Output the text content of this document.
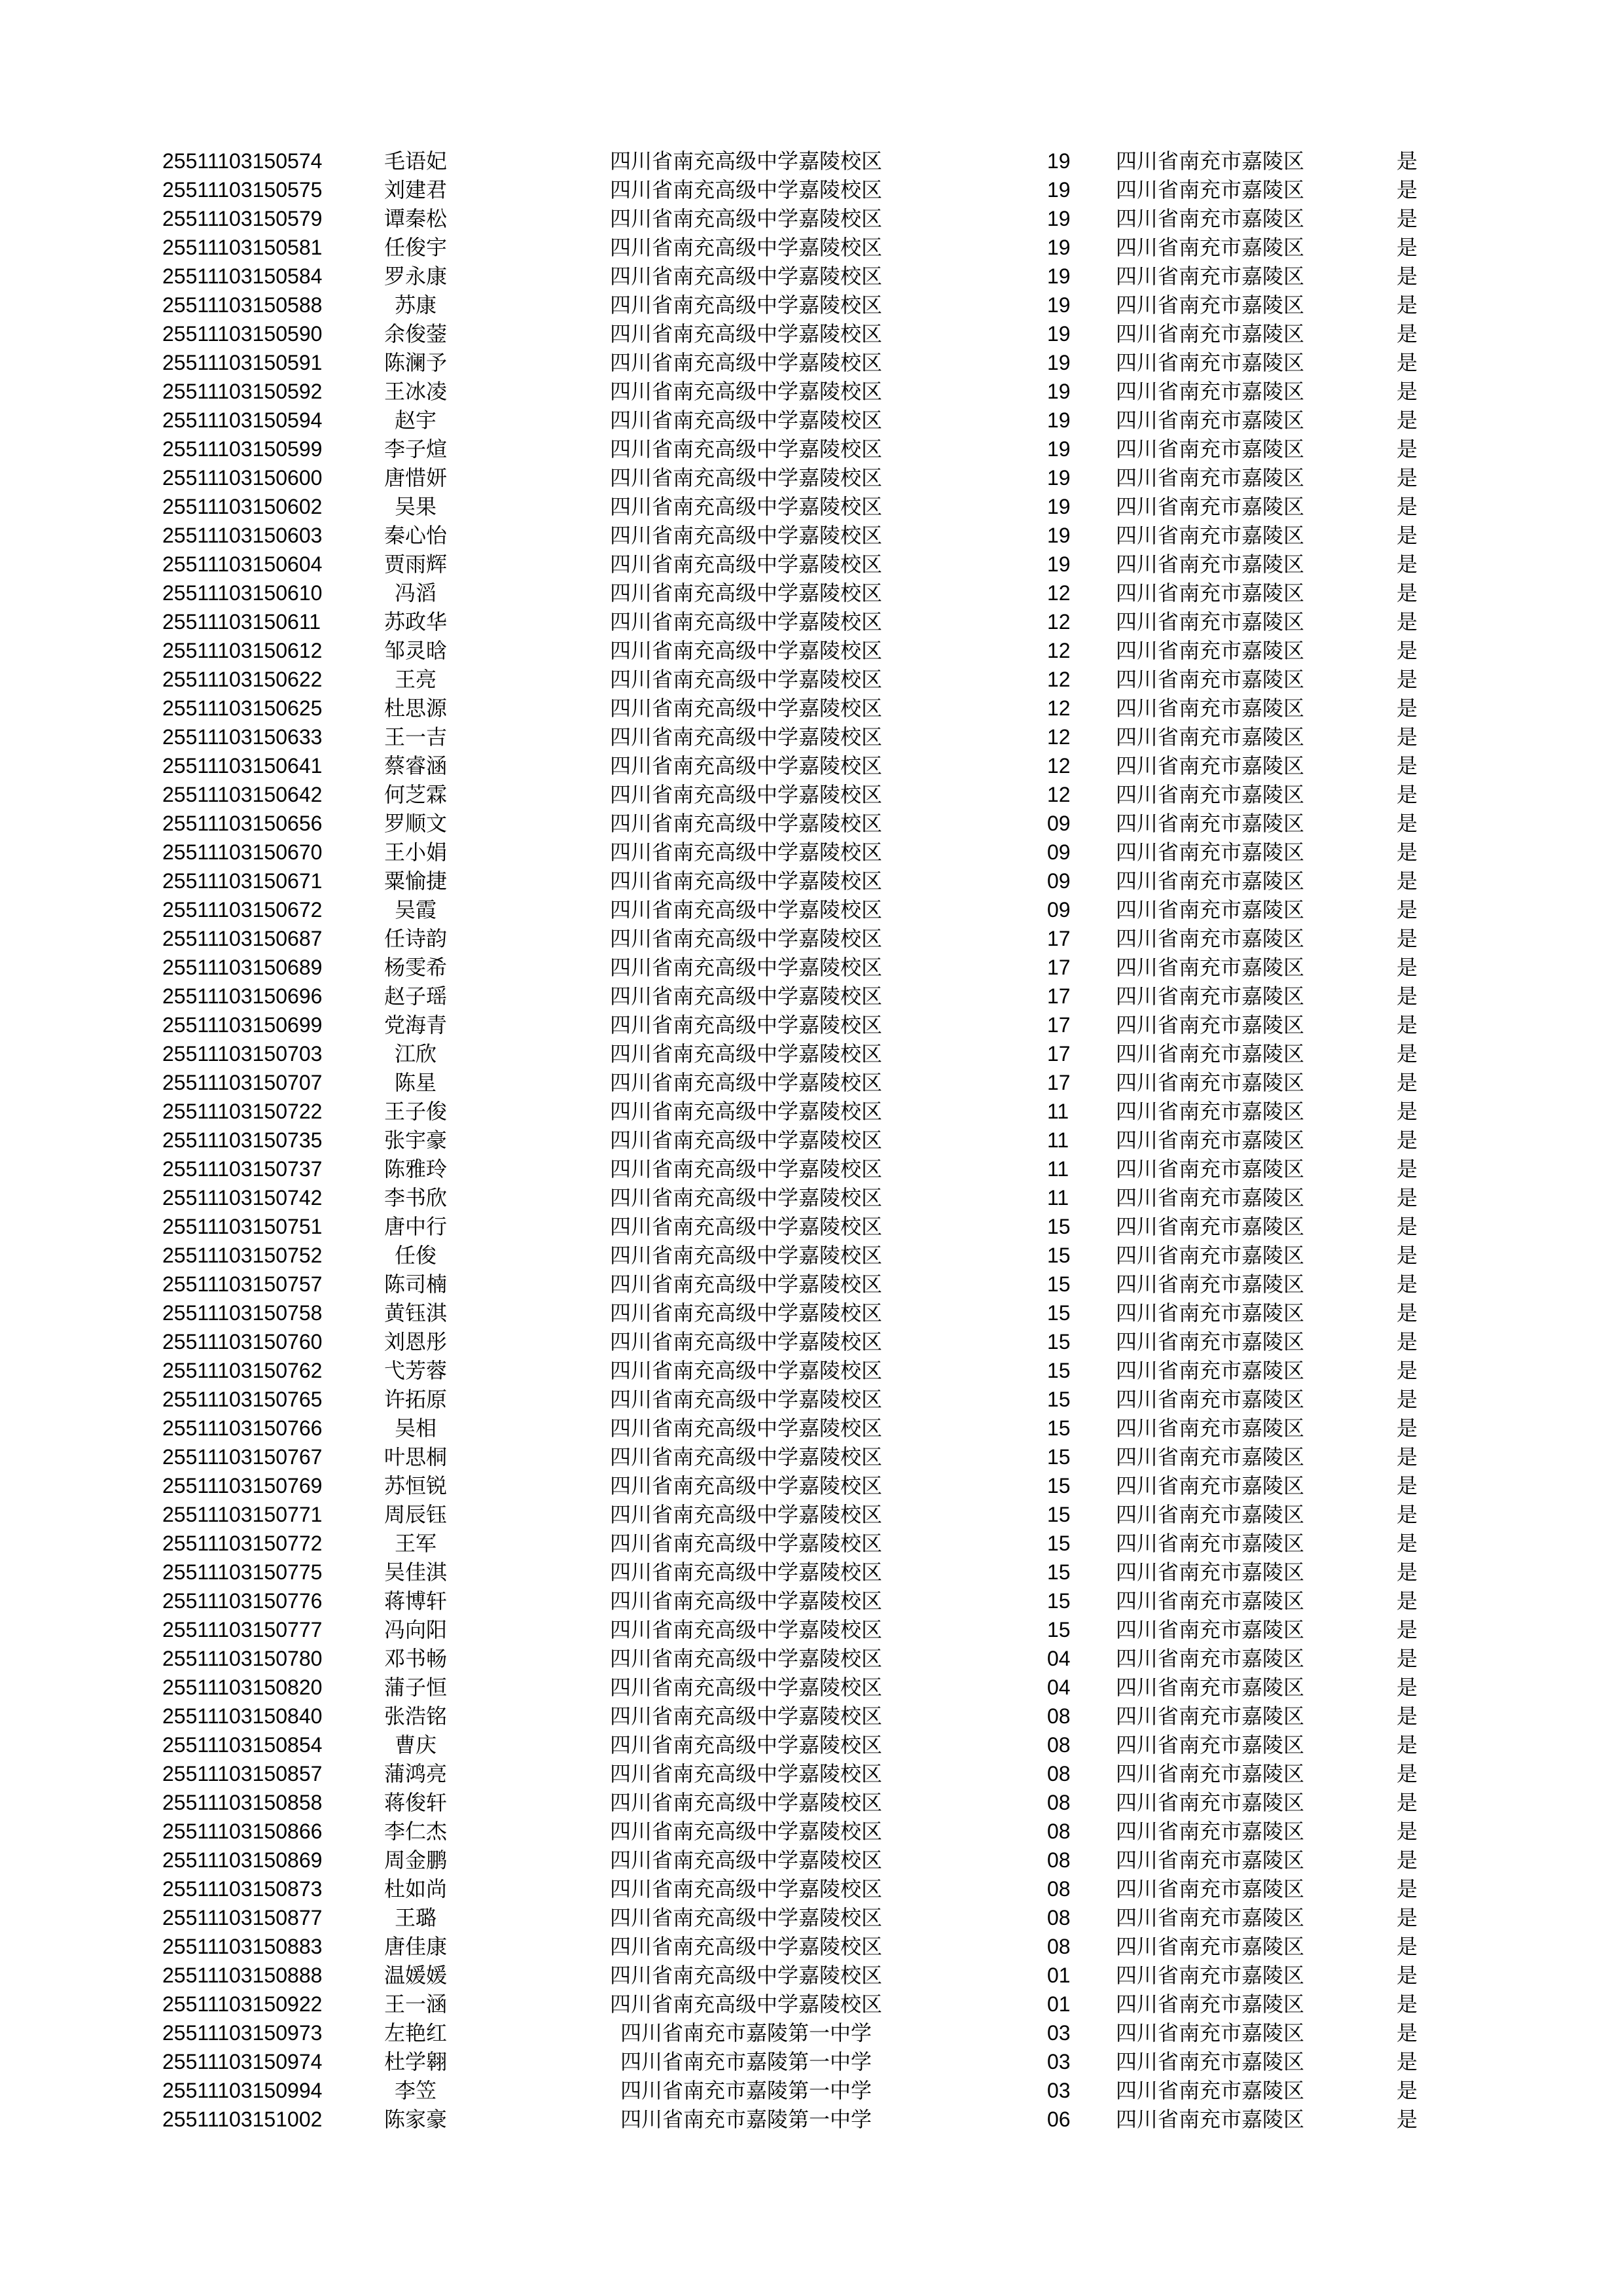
25511103150574	毛语妃	四川省南充高级中学嘉陵校区	19	四川省南充市嘉陵区	是
25511103150575	刘建君	四川省南充高级中学嘉陵校区	19	四川省南充市嘉陵区	是
25511103150579	谭秦松	四川省南充高级中学嘉陵校区	19	四川省南充市嘉陵区	是
25511103150581	任俊宇	四川省南充高级中学嘉陵校区	19	四川省南充市嘉陵区	是
25511103150584	罗永康	四川省南充高级中学嘉陵校区	19	四川省南充市嘉陵区	是
25511103150588	苏康	四川省南充高级中学嘉陵校区	19	四川省南充市嘉陵区	是
25511103150590	余俊蓥	四川省南充高级中学嘉陵校区	19	四川省南充市嘉陵区	是
25511103150591	陈澜予	四川省南充高级中学嘉陵校区	19	四川省南充市嘉陵区	是
25511103150592	王冰凌	四川省南充高级中学嘉陵校区	19	四川省南充市嘉陵区	是
25511103150594	赵宇	四川省南充高级中学嘉陵校区	19	四川省南充市嘉陵区	是
25511103150599	李子煊	四川省南充高级中学嘉陵校区	19	四川省南充市嘉陵区	是
25511103150600	唐惜妍	四川省南充高级中学嘉陵校区	19	四川省南充市嘉陵区	是
25511103150602	吴果	四川省南充高级中学嘉陵校区	19	四川省南充市嘉陵区	是
25511103150603	秦心怡	四川省南充高级中学嘉陵校区	19	四川省南充市嘉陵区	是
25511103150604	贾雨辉	四川省南充高级中学嘉陵校区	19	四川省南充市嘉陵区	是
25511103150610	冯滔	四川省南充高级中学嘉陵校区	12	四川省南充市嘉陵区	是
25511103150611	苏政华	四川省南充高级中学嘉陵校区	12	四川省南充市嘉陵区	是
25511103150612	邹灵晗	四川省南充高级中学嘉陵校区	12	四川省南充市嘉陵区	是
25511103150622	王亮	四川省南充高级中学嘉陵校区	12	四川省南充市嘉陵区	是
25511103150625	杜思源	四川省南充高级中学嘉陵校区	12	四川省南充市嘉陵区	是
25511103150633	王一吉	四川省南充高级中学嘉陵校区	12	四川省南充市嘉陵区	是
25511103150641	蔡睿涵	四川省南充高级中学嘉陵校区	12	四川省南充市嘉陵区	是
25511103150642	何芝霖	四川省南充高级中学嘉陵校区	12	四川省南充市嘉陵区	是
25511103150656	罗顺文	四川省南充高级中学嘉陵校区	09	四川省南充市嘉陵区	是
25511103150670	王小娟	四川省南充高级中学嘉陵校区	09	四川省南充市嘉陵区	是
25511103150671	粟愉捷	四川省南充高级中学嘉陵校区	09	四川省南充市嘉陵区	是
25511103150672	吴霞	四川省南充高级中学嘉陵校区	09	四川省南充市嘉陵区	是
25511103150687	任诗韵	四川省南充高级中学嘉陵校区	17	四川省南充市嘉陵区	是
25511103150689	杨雯希	四川省南充高级中学嘉陵校区	17	四川省南充市嘉陵区	是
25511103150696	赵子瑶	四川省南充高级中学嘉陵校区	17	四川省南充市嘉陵区	是
25511103150699	党海青	四川省南充高级中学嘉陵校区	17	四川省南充市嘉陵区	是
25511103150703	江欣	四川省南充高级中学嘉陵校区	17	四川省南充市嘉陵区	是
25511103150707	陈星	四川省南充高级中学嘉陵校区	17	四川省南充市嘉陵区	是
25511103150722	王子俊	四川省南充高级中学嘉陵校区	11	四川省南充市嘉陵区	是
25511103150735	张宇豪	四川省南充高级中学嘉陵校区	11	四川省南充市嘉陵区	是
25511103150737	陈雅玲	四川省南充高级中学嘉陵校区	11	四川省南充市嘉陵区	是
25511103150742	李书欣	四川省南充高级中学嘉陵校区	11	四川省南充市嘉陵区	是
25511103150751	唐中行	四川省南充高级中学嘉陵校区	15	四川省南充市嘉陵区	是
25511103150752	任俊	四川省南充高级中学嘉陵校区	15	四川省南充市嘉陵区	是
25511103150757	陈司楠	四川省南充高级中学嘉陵校区	15	四川省南充市嘉陵区	是
25511103150758	黄钰淇	四川省南充高级中学嘉陵校区	15	四川省南充市嘉陵区	是
25511103150760	刘恩彤	四川省南充高级中学嘉陵校区	15	四川省南充市嘉陵区	是
25511103150762	弋芳蓉	四川省南充高级中学嘉陵校区	15	四川省南充市嘉陵区	是
25511103150765	许拓原	四川省南充高级中学嘉陵校区	15	四川省南充市嘉陵区	是
25511103150766	吴相	四川省南充高级中学嘉陵校区	15	四川省南充市嘉陵区	是
25511103150767	叶思桐	四川省南充高级中学嘉陵校区	15	四川省南充市嘉陵区	是
25511103150769	苏恒锐	四川省南充高级中学嘉陵校区	15	四川省南充市嘉陵区	是
25511103150771	周辰钰	四川省南充高级中学嘉陵校区	15	四川省南充市嘉陵区	是
25511103150772	王军	四川省南充高级中学嘉陵校区	15	四川省南充市嘉陵区	是
25511103150775	吴佳淇	四川省南充高级中学嘉陵校区	15	四川省南充市嘉陵区	是
25511103150776	蒋博轩	四川省南充高级中学嘉陵校区	15	四川省南充市嘉陵区	是
25511103150777	冯向阳	四川省南充高级中学嘉陵校区	15	四川省南充市嘉陵区	是
25511103150780	邓书畅	四川省南充高级中学嘉陵校区	04	四川省南充市嘉陵区	是
25511103150820	蒲子恒	四川省南充高级中学嘉陵校区	04	四川省南充市嘉陵区	是
25511103150840	张浩铭	四川省南充高级中学嘉陵校区	08	四川省南充市嘉陵区	是
25511103150854	曹庆	四川省南充高级中学嘉陵校区	08	四川省南充市嘉陵区	是
25511103150857	蒲鸿亮	四川省南充高级中学嘉陵校区	08	四川省南充市嘉陵区	是
25511103150858	蒋俊轩	四川省南充高级中学嘉陵校区	08	四川省南充市嘉陵区	是
25511103150866	李仁杰	四川省南充高级中学嘉陵校区	08	四川省南充市嘉陵区	是
25511103150869	周金鹏	四川省南充高级中学嘉陵校区	08	四川省南充市嘉陵区	是
25511103150873	杜如尚	四川省南充高级中学嘉陵校区	08	四川省南充市嘉陵区	是
25511103150877	王璐	四川省南充高级中学嘉陵校区	08	四川省南充市嘉陵区	是
25511103150883	唐佳康	四川省南充高级中学嘉陵校区	08	四川省南充市嘉陵区	是
25511103150888	温媛媛	四川省南充高级中学嘉陵校区	01	四川省南充市嘉陵区	是
25511103150922	王一涵	四川省南充高级中学嘉陵校区	01	四川省南充市嘉陵区	是
25511103150973	左艳红	四川省南充市嘉陵第一中学	03	四川省南充市嘉陵区	是
25511103150974	杜学翱	四川省南充市嘉陵第一中学	03	四川省南充市嘉陵区	是
25511103150994	李笠	四川省南充市嘉陵第一中学	03	四川省南充市嘉陵区	是
25511103151002	陈家豪	四川省南充市嘉陵第一中学	06	四川省南充市嘉陵区	是
